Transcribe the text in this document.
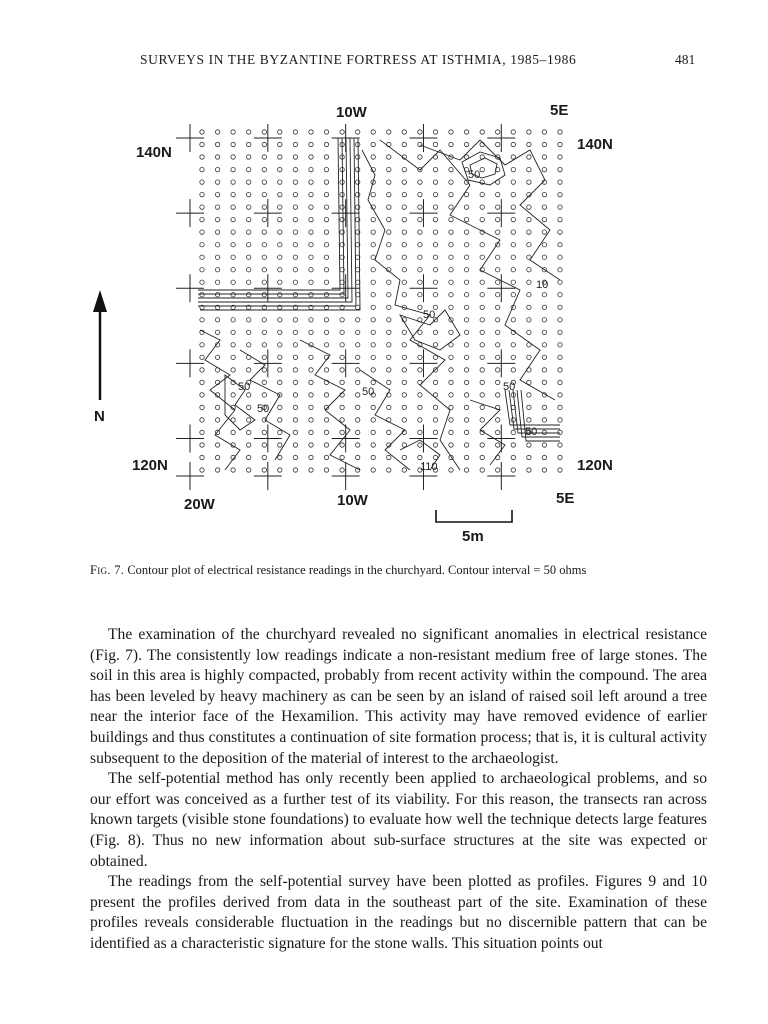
SURVEYS IN THE BYZANTINE FORTRESS AT ISTHMIA, 1985–1986	481
50
50
10
50
50
50	50
110
50
10W	5E
140N	140N
120N	120N
20W	10W	5E
N
5m
Fig. 7. Contour plot of electrical resistance readings in the churchyard. Contour interval = 50 ohms

The examination of the churchyard revealed no significant anomalies in electrical resistance (Fig. 7). The consistently low readings indicate a non-resistant medium free of large stones. The soil in this area is highly compacted, probably from recent activity within the compound. The area has been leveled by heavy machinery as can be seen by an island of raised soil left around a tree near the interior face of the Hexamilion. This activity may have removed evidence of earlier buildings and thus constitutes a continuation of site formation process; that is, it is cultural activity subsequent to the deposition of the material of interest to the archaeologist.

The self-potential method has only recently been applied to archaeological problems, and so our effort was conceived as a further test of its viability. For this reason, the transects ran across known targets (visible stone foundations) to evaluate how well the technique detects large features (Fig. 8). Thus no new information about sub-surface structures at the site was expected or obtained.

The readings from the self-potential survey have been plotted as profiles. Figures 9 and 10 present the profiles derived from data in the southeast part of the site. Examination of these profiles reveals considerable fluctuation in the readings but no discernible pattern that can be identified as a characteristic signature for the stone walls. This situation points out
